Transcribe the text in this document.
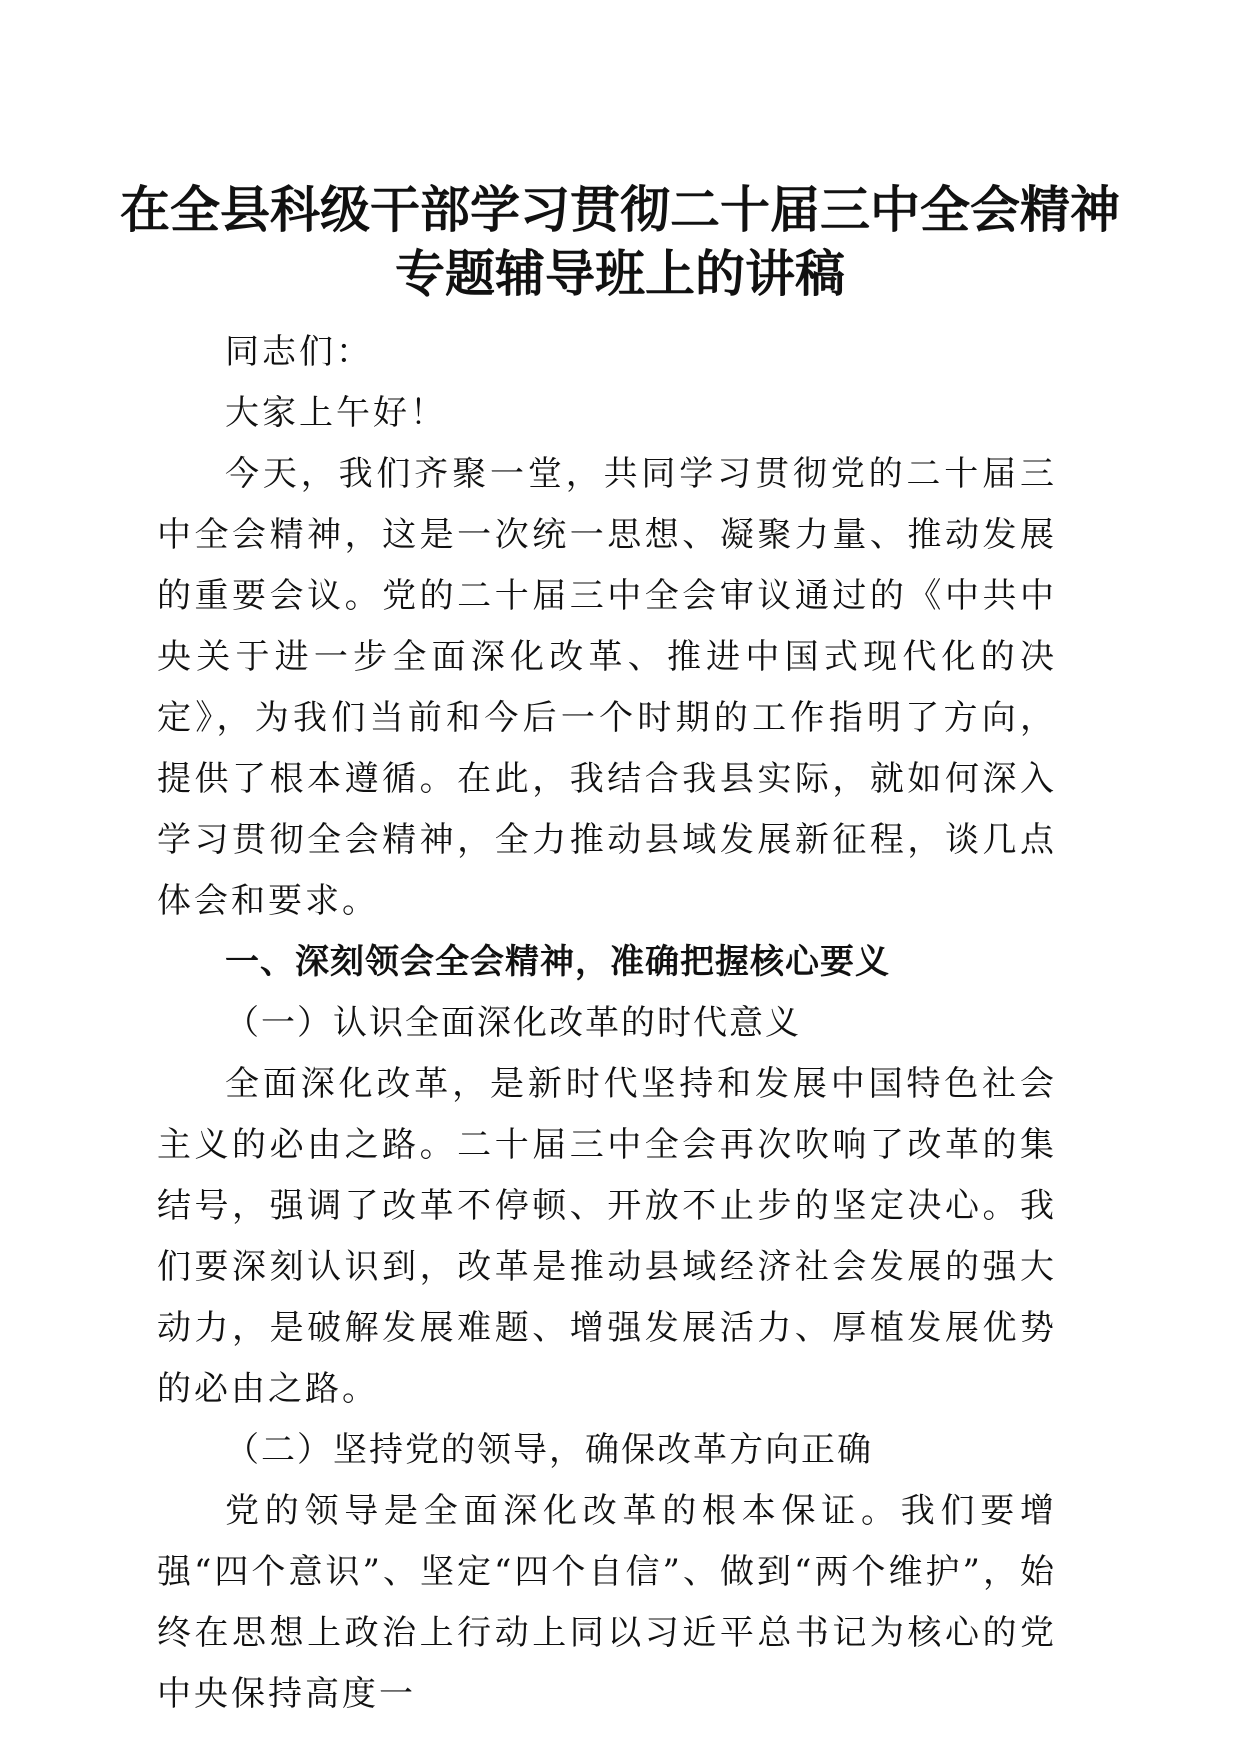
在全县科级干部学习贯彻二十届三中全会精神
专题辅导班上的讲稿

同志们：

大家上午好！

今天，我们齐聚一堂，共同学习贯彻党的二十届三中全会精神，这是一次统一思想、凝聚力量、推动发展的重要会议。党的二十届三中全会审议通过的《中共中央关于进一步全面深化改革、推进中国式现代化的决定》，为我们当前和今后一个时期的工作指明了方向，提供了根本遵循。在此，我结合我县实际，就如何深入学习贯彻全会精神，全力推动县域发展新征程，谈几点体会和要求。

一、深刻领会全会精神，准确把握核心要义

（一）认识全面深化改革的时代意义

全面深化改革，是新时代坚持和发展中国特色社会主义的必由之路。二十届三中全会再次吹响了改革的集结号，强调了改革不停顿、开放不止步的坚定决心。我们要深刻认识到，改革是推动县域经济社会发展的强大动力，是破解发展难题、增强发展活力、厚植发展优势的必由之路。

（二）坚持党的领导，确保改革方向正确

党的领导是全面深化改革的根本保证。我们要增强“四个意识”、坚定“四个自信”、做到“两个维护”，始终在思想上政治上行动上同以习近平总书记为核心的党中央保持高度一
